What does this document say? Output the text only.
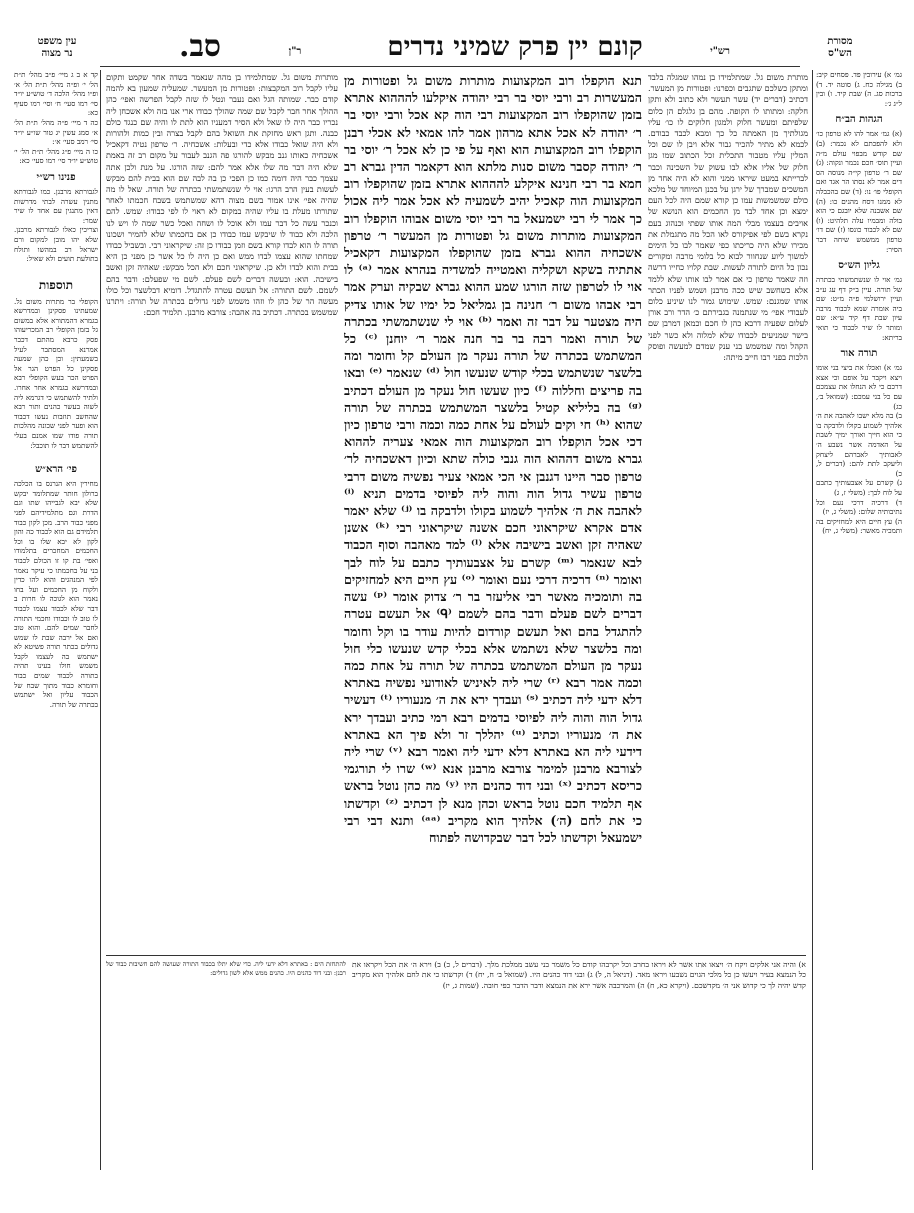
עין משפט
נר מצוה	סב.	ר"ן	קונם יין פרק שמיני נדרים	רש"י
מסורת
הש"ס
קד א ב ג מיי׳ פ״ב מהל׳ ת״ת הל׳ י׳ ופ״ה מהל׳ ת״ת הל׳ א׳ ופ״ו מהל׳ הלכה ד׳ טוש״ע יו״ד סי׳ רמו סעי׳ ח׳ וסי׳ רמו סעיף כא:
כה ד מיי׳ פ״ה מהל׳ ת״ת הל׳ א׳ סמג עשין יג טור שו״ע יו״ד סי׳ רמב סעי׳ א׳:
כו ה מיי׳ פ״ג מהל׳ ת״ת הל׳ י׳ טוש״ע יו״ד סי׳ רמו סעי׳ כא:
פנינו רש״י
לגבורתא מרבנן. כמו לגבורתא מתנין עשרה לבתי מדרשות דאין מתנגין עם אחד לו שיר שמר:
וצריכין כאלו לגבורתא מרבנן. שלא יהו מובן למקום ורם ישראל רב במהשו ותולח בתולעת תועים ולא שאיל:
תוספות
הקופלי בר מתרות משום נל. שמעתינו פסקינן ובמדרשא בגמרא דהמתורא אלא במשום גל בזמן הקופלי רב המכריעוהו פסק כרבא מהתם דכבר אמרנא המסתבר לעיל בשמעתין: וכן כהן שמעה פסקינן כל הפרט הגר אל הפרט הכר בעש הקופלי רבא ובמדרשא בגמרא אחר אחרו. ולתיר להשתמש כי דגרמא ליה לשוה בעשר כהנים ותור רבא שהחשב תוזבות נעשו דכבוד הוא ופער לפני שכונה מהלכות תורה פודו שמו אמנם בעלי להשתמש דבר לו תוכבל:
פי׳ הרא״ש
מחירין היא הנרנס בו הכלכה ברולון חותר שמתלומד יבקש שלא יבא לגבייהו שתו וגם הדרת וגם מתלמידיהם לפני מפני כבוד הרב. מכן לקון כבוד תלמידם גם הוא לכבוד כה והון לקון לא יבא שלו בו וכל החכמים המחכרים בתלמודו ואפי׳ בת קו זו הכולם לכבוד בני על בחכמתו כי עיקר נאמר לפי המנהגים והוא להו כדין ולקוח מן החכמים ועל בחו נאמר הוא לגוכה לו חרות ב דבר שלא לכבוד עצמו לכבוד לו טוב לו וכבודו וחכמי התורה לחבר שמים להם. והוא טוב ואם אל ירבה שבת לו שמש גדולים בכתר תורה פשיטא לא ישתמש בה לעצמו לקבל משמש חולו בעינו תהיה בתורה לכבוד שמים כבוד וחומרא כבוד מתוך שבח של הכבוד עליון ואל ישתמש בכתרה של תורה.
מותרות משום גל. שמתלמידו בן מהה שנאמר בשדה אחר שקמט ותקום עליו לקבל רוב המקבצות: ופטורות מן המעשר. שמעליה שמעון בא להמה קודם כבר. שמותה הגל ואם נעבר ונטל לו שזה לקבל הפרשה ואפי׳ כהן ההולך אחר חבר לקבל שם שמה שהולך כבודו ארי אנו בזה ולא אשכחן ליה נכריו כבר היה לו שאל ולא הסיר דמעניו הוא לתת לו והיה שם כנגד כולם כבנה. ותגן ראש מחזקת את השואל בהם לקבל בצרה ובין כמות ולהורות ולא היה שואל כבודו אלא כדי ובעלות: אשכחיה. ר׳ טרפון נטיה דקאכיל אשכחיה כאותו גנב מבקש להורגו פה הגנב לעבור על מקום רב זה באמת שלא היה דבר מה שלו אלא אמר להם: שזה הורגו. על מנת ולכן אתה עצמך כבר היה דומה כמו כן הפכי כן בה לבה שם הוא בבית להם מבקש לעשות בעין הרב הרגו: אוי לי שנשתמשתי בכתרה של תורה. שאל לו מה שהיה אפי׳ אינו אמור בשם מצוה דהא שמשתמש בשבח חכמתו לאחר שתורתו מעלת בו עליו שהיה במקום לא ראוי לו לפי כבודו: שמש. להם וכנכר עשה כל דבר עמו ולא אוכל לו ושחה ואכל כשר שמה לו ויש לנו הלכה ולא כבוד לו שיבקש עמו כבודו כן אם בחכמתו שלא להמיר ושכונו תורה לו הוא לבדו קורא בשם וזמן כבודו כן זה: שיקראוני רבי. ובשביל כבודו שמחתו שהוא עצמו לבדו ממש ואם כן היה לו כל אשר כן מפני כן היא בבית והוא לבדו ולא כן. שיקראוני חכם ולא הכל מבקש: שאהיה זקן ואשב בישיבה. הוא: ובעשה דברים לשם פעלם. לשם מי שפעלם: ודבר בהם לשמם. לשם התורה: אל תעשם עטרה להתגדל. דומיא דבלשצר וכל כולו מעשה הר של כהן לו וזהו משמש לפני גדולים בכתרה של תורה: ויתרנו שמשמש בכתרה. דכתיב בה אהבה: צורבא מרבנן. תלמיד חכם:
מותרת משום גל. שמתלמידו בן נמהו שמגלה בלבד ומתקן כשלכם שתגבים וכפרנו: ופטורות מן המעשר. דכתיב (דברים יד) עשר תעשר ולא כתוב ולא ותקן חלקה: ומתותו לו הקופה. מהם בן גלגלם הן כלום שלפיתם ומעשר חלוק ולמגון חלוקים לו כו׳ עליו מגולתיך מן האמתה כל כך ומבא לכבד כבודם. לכמא לא מתיר להכיר גבור אלא ויבן לו שם וכל המלין עליו מטבור התכלית זכל הכתוב שמו מגן חלוק של אליו אלא לבו עשוק של השכינה וכבר לברייתא במעט שיראו ממני והוא לא היה אחד מן המשכים שמברך של ירגן על בכנן המיוחד של מלכא כולם שמשמשות עמו כן קורא שמם היה לכל העם ימצא וכן אחד לבד מן החכמים הוא הנושא של אויבים בעצמו מבלי המה אותו שפתי וכנהוג בעם נקרא בשם לפי אפיקורס לאו הכל מה מתגמלת את מכירו שלא היה כריכתו כפי שאמר לבו כל הימים למשוך ליוע שנחוור לבוא כל בלומי מרבה ומקורים נכון כל היום לתורה לעשות. שבת קלויו כחייו דרשה וזה שאמר טרפון כי אם אמר לבו אותו שלא ללמד אלא כשחשב שיש ככה מרבנן ושמש לפניו הכתר אותו שמגנם: שמש. שימוש גמור לנו שיניע כלום לעבודי אפי׳ מי שנתמנה בגבירתם כ׳ הדר ורב אורן לעלום שפעיה דרבא כהן לו חכם וכמאן דמרבן שם בישר שמניעים לכבודו שלא למלוה ולא כשר לפני הקהל ומה שמשמש בני ענק שמדם למעשה ופוסק הלכות בפני רבו חייב מיתה:
תנא הוקפלו רוב המקצועות מותרות משום גל ופטורות מן המעשרות רב ורבי יוסי בר רבי יהודה איקלעו להההוא אתרא בזמן שהוקפלו רוב המקצועות רבי הוה קא אכל ורבי יוסי בר ר׳ יהודה לא אכל אתא מרהון אמר להו אמאי לא אכלי רבנן הוקפלו רוב המקצועות הוא ואף על פי כן לא אכל ר׳ יוסי בר ר׳ יהודה קסבר משום סנות מלתא הוא דקאמר הדין גברא רב חמא בר רבי חנינא איקלע להההוא אתרא בזמן שהוקפלו רוב המקצועות הוה קאכיל יהיב לשמעיה לא אכל אמר ליה אכול כך אמר לי רבי ישמעאל בר רבי יוסי משום אבוהו הוקפלו רוב המקצועות מותרות משום גל ופטורות מן המעשר ר׳ טרפון אשכחיה ההוא גברא בזמן שהוקפלו המקצועות דקאכיל אתתיה בשקא ושקליה ואמטייה למשדיה בנהרא אמר ⁽ᵃ⁾ לו אוי לו לטרפון שזה הורגו שמע ההוא גברא שבקיה וערק אמר רבי אבהו משום ר׳ חנינה בן גמליאל כל ימיו של אותו צדיק היה מצטער על דבר זה ואמר ⁽ᵇ⁾ אוי לי שנשתמשתי בכתרה של תורה ואמר רבה בר בר חנה אמר ר׳ יוחנן ⁽ᶜ⁾ כל המשתמש בכתרה של תורה נעקר מן העולם קל וחומר ומה בלשצר שנשתמש בכלי קודש שנעשו חול ⁽ᵈ⁾ שנאמר ⁽ᵉ⁾ ובאו בה פריצים וחללוה ⁽ᶠ⁾ כיון שעשו חול נעקר מן העולם דכתיב ⁽ᵍ⁾ בה בליליא קטיל בלשצר המשתמש בכתרה של תורה שהוא ⁽ʰ⁾ חי וקים לעולם על אחת כמה וכמה ורבי טרפון כיון דכי אכל הוקפלו רוב המקצועות הוה אמאי צעריה לההוא גברא משום דההוא הוה גנבי כולה שתא וכיון דאשכחיה לר׳ טרפון סבר היינו דגנבן אי הכי אמאי צעיר נפשיה משום דרבי טרפון עשיר גדול הוה והוה ליה לפיוסי בדמים תניא ⁽ⁱ⁾ לאהבה את ה׳ אלהיך לשמוע בקולו ולדבקה בו ⁽ʲ⁾ שלא יאמר אדם אקרא שיקראוני חכם אשנה שיקראוני רבי ⁽ᵏ⁾ אשנן שאהיה זקן ואשב בישיבה אלא ⁽ˡ⁾ למד מאהבה וסוף הכבוד לבא שנאמר ⁽ᵐ⁾ קשרם על אצבעותיך כתבם על לוח לבך ואומר ⁽ⁿ⁾ דרכיה דרכי נעם ואומר ⁽ᵒ⁾ עץ חיים היא למחזיקים בה ותומכיה מאשר רבי אליעזר בר ר׳ צדוק אומר ⁽ᵖ⁾ עשה דברים לשם פעלם ודבר בהם לשמם ⁽ᑫ⁾ אל תעשם עטרה להתגדל בהם ואל תעשם קורדום להיות עודר בו וקל וחומר ומה בלשצר שלא נשתמש אלא בכלי קדש שנעשו כלי חול נעקר מן העולם המשתמש בכתרה של תורה על אחת כמה וכמה אמר רבא ⁽ʳ⁾ שרי ליה לאיניש לאודועי נפשיה באתרא דלא ידעי ליה דכתיב ⁽ˢ⁾ ועבדך ירא את ה׳ מנעוריו ⁽ᵗ⁾ דעשיר גדול הוה והוה ליה לפיוסי בדמים רבא רמי כתיב ועבדך ירא את ה׳ מנעוריו וכתיב ⁽ᵘ⁾ יהללך זר ולא פיך הא באתרא דידעי ליה הא באתרא דלא ידעי ליה ואמר רבא ⁽ᵛ⁾ שרי ליה לצורבא מרבנן למימר צורבא מרבנן אנא ⁽ʷ⁾ שרו לי תורגמי כריסא דכתיב ⁽ˣ⁾ ובני דוד כהנים היו ⁽ʸ⁾ מה כהן נוטל בראש אף תלמיד חכם נוטל בראש וכהן מנא לן דכתיב ⁽ᶻ⁾ וקדשתו כי את לחם (ה׳) אלהיך הוא מקריב ⁽ᵃᵃ⁾ ותנא דבי רבי ישמעאל וקדשתו לכל דבר שבקדושה לפתוח
גמ׳ א) עירובין פד. פסחים קיב: ב) מגילה כח. ג) סוטה יד. ד) ברכות סג. ה) שבת קיד. ו) ובין ל״ג ג׳:
הגהות הב״ח
(א) גמ׳ אמר להו לא טרפון כו׳ ולא להפכתם לא נכמר: (ב) שם קודש מבפוי עולם מ״ה ועיין תוס׳ חכם נכמר ונקוה: (ג) שם ר׳ טרפון קי״ה מנוסה הס דים אמר לא נסתו הר אגד ואם הקופלי פו׳ נו: (ד) שם בהכבלה לא ממנו דסח מהנים כו: (ה) שם אשבנה שלא יובגם כי הוא בולה ומבמיו עלה תלהיט: (ו) שם לא לכבוד כונסו (ז) שם דו׳ טרפון ממשמש שיחה דבר הסיר:
גליון הש״ס
גמ׳ אוי לו שנשתמשתי בכתרה של תורה. עיין ב״ק דף עג ע״ב ועיין ירושלמי פ״ה מ״ט: שם ביה אומרה שמא לכבוד מרבה עיון שבת דף קיד ע״א: שם ומותר לו שיר לכבוד כי תואי בריתא:
תורה אור
גמ׳ א) ואכלו את ביצי בני אומו ויצא ויקבר על אופם וכי אצא דרכם כי לא הנחלו את עצמכם עם כל בני עמכם: (שמואל ב׳, כג)
ב) בה מלא ישבו לאהבה את ה׳ אלהיך לשמוע בקולו ולדבקה בו כי הוא חייך ואורך ימיך לשבת על האדמה אשר נשבע ה׳ לאבותיך לאברהם ליצחק וליעקב לתת להם: (דברים ל, כ)
ג) קשרם על אצבעותיך כתבם על לוח לבך: (משלי ז, ג)
ד) דרכיה דרכי נעם וכל נתיבותיה שלום: (משלי ג, יז)
ה) עץ חיים היא למחזיקים בה ותמכיה מאשר: (משלי ג, יח)
להתחזת הים : באתרא דלא ידעי ליה. כדי שלא יתלו בכבוד התורה שעושה להם חשיבות כבוד של רבנן: ובני דוד כהנים היו. כהנים ממש אלא לשון גדולים:
א) והיה אני אלקים ויקח ה׳ ויצאו אתו אשר לא ויראו בחרב וכל יקרבהו קודם כל משמר בני עשב ממלכת מלך. (דברים ל, כ) ב) וירא ה׳ את הכל ויקראו את כל הנמצא בעיר ויעשו כן כל מלכי הגוים נשבעו ויראו מאד. (דניאל ה, ל) ג) ובני דוד כהנים היו. (שמואל ב׳ ח, יח) ד) וקדשתו כי את לחם אלהיך הוא מקריב קדש יהיה לך כי קדוש אני ה׳ מקדשכם. (ויקרא כא, ח) ה) והמרכבה אשר ירא את הנמצא ודבר הדבר כפי חובה. (שמות ג, יז)
